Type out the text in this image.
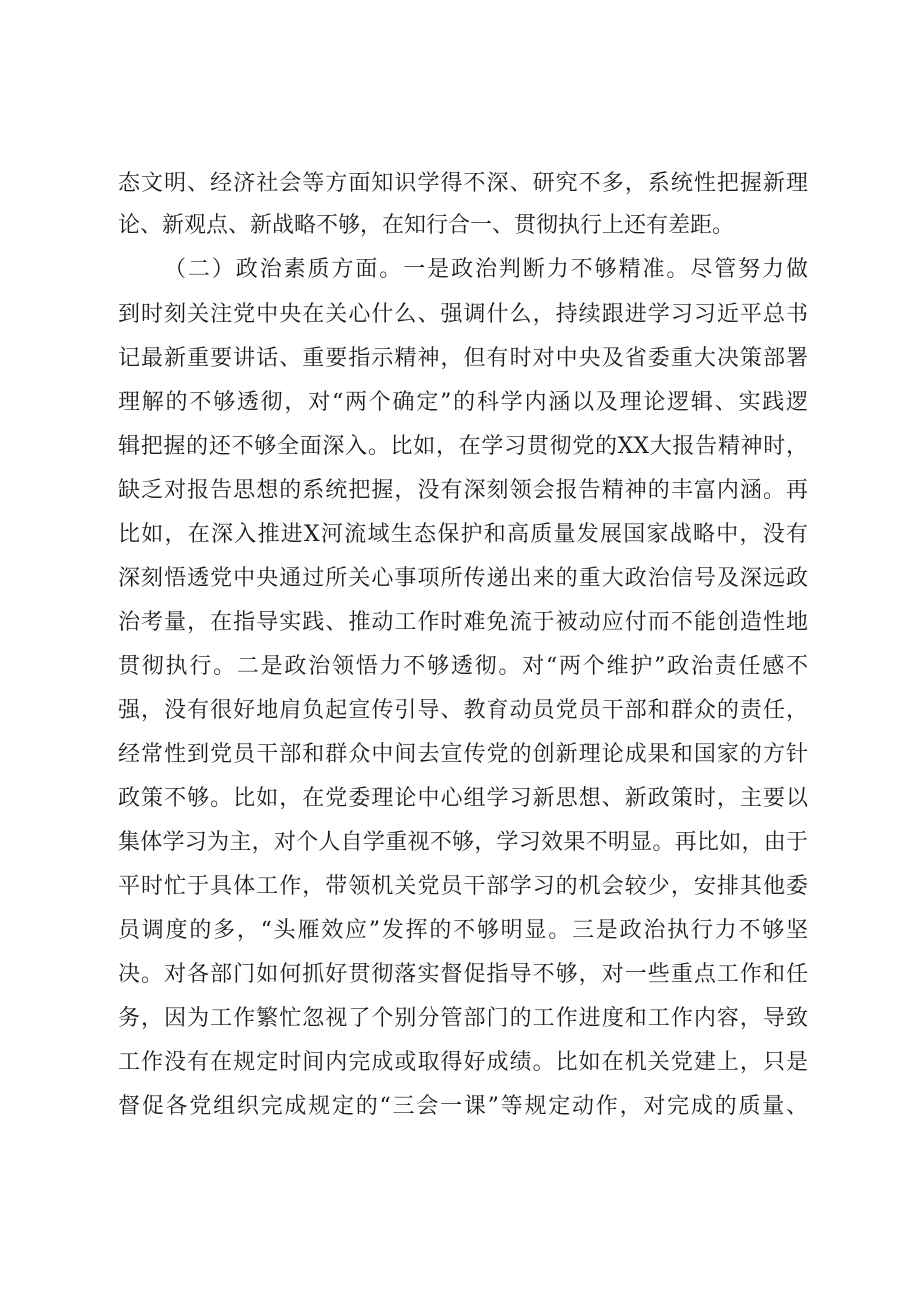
态文明、经济社会等方面知识学得不深、研究不多，系统性把握新理
论、新观点、新战略不够，在知行合一、贯彻执行上还有差距。
（二）政治素质方面。一是政治判断力不够精准。尽管努力做
到时刻关注党中央在关心什么、强调什么，持续跟进学习习近平总书
记最新重要讲话、重要指示精神，但有时对中央及省委重大决策部署
理解的不够透彻，对“两个确定”的科学内涵以及理论逻辑、实践逻
辑把握的还不够全面深入。比如，在学习贯彻党的XX大报告精神时，
缺乏对报告思想的系统把握，没有深刻领会报告精神的丰富内涵。再
比如，在深入推进X河流域生态保护和高质量发展国家战略中，没有
深刻悟透党中央通过所关心事项所传递出来的重大政治信号及深远政
治考量，在指导实践、推动工作时难免流于被动应付而不能创造性地
贯彻执行。二是政治领悟力不够透彻。对“两个维护”政治责任感不
强，没有很好地肩负起宣传引导、教育动员党员干部和群众的责任，
经常性到党员干部和群众中间去宣传党的创新理论成果和国家的方针
政策不够。比如，在党委理论中心组学习新思想、新政策时，主要以
集体学习为主，对个人自学重视不够，学习效果不明显。再比如，由于
平时忙于具体工作，带领机关党员干部学习的机会较少，安排其他委
员调度的多，“头雁效应”发挥的不够明显。三是政治执行力不够坚
决。对各部门如何抓好贯彻落实督促指导不够，对一些重点工作和任
务，因为工作繁忙忽视了个别分管部门的工作进度和工作内容，导致
工作没有在规定时间内完成或取得好成绩。比如在机关党建上，只是
督促各党组织完成规定的“三会一课”等规定动作，对完成的质量、
